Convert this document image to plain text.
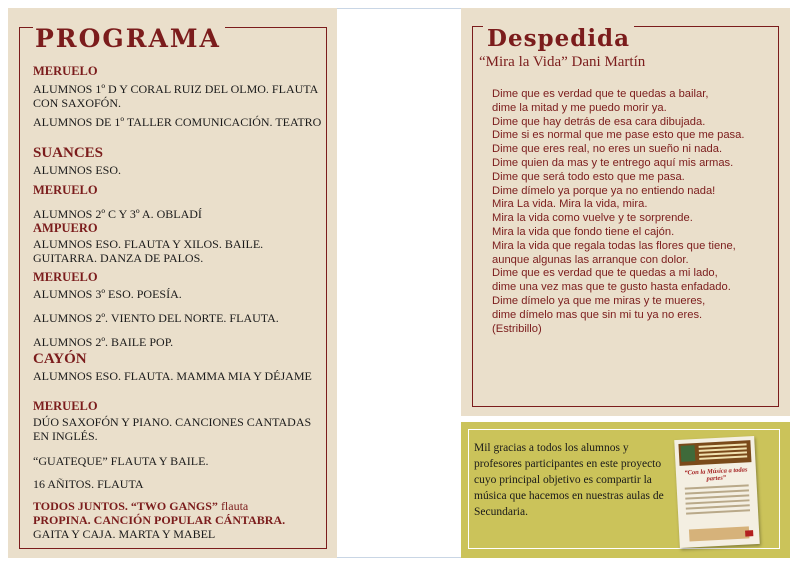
PROGRAMA
MERUELO
ALUMNOS 1º D Y CORAL RUIZ DEL OLMO. FLAUTA CON SAXOFÓN.
ALUMNOS DE 1º TALLER COMUNICACIÓN. TEATRO
SUANCES
ALUMNOS ESO.
MERUELO
ALUMNOS 2º C Y 3º A. OBLADÍ
AMPUERO
ALUMNOS ESO. FLAUTA Y XILOS. BAILE. GUITARRA. DANZA DE PALOS.
MERUELO
ALUMNOS 3º ESO. POESÍA.
ALUMNOS 2º. VIENTO DEL NORTE. FLAUTA.
ALUMNOS 2º. BAILE POP.
CAYÓN
ALUMNOS ESO. FLAUTA. MAMMA MIA Y DÉJAME
MERUELO
DÚO SAXOFÓN Y PIANO. CANCIONES CANTADAS EN INGLÉS.
“GUATEQUE” FLAUTA Y BAILE.
16 AÑITOS. FLAUTA
TODOS JUNTOS. “TWO GANGS” flauta
PROPINA. CANCIÓN POPULAR CÁNTABRA.
GAITA Y CAJA. MARTA Y MABEL
Despedida
“Mira la Vida” Dani Martín
Dime que es verdad que te quedas a bailar,
dime la mitad y me puedo morir ya.
Dime que hay detrás de esa cara dibujada.
Dime si es normal que me pase esto que me pasa.
Dime que eres real, no eres un sueño ni nada.
Dime quien da mas y te entrego aquí mis armas.
Dime que será todo esto que me pasa.
Dime dímelo ya porque ya no entiendo nada!
Mira La vida. Mira la vida, mira.
Mira la vida como vuelve y te sorprende.
Mira la vida que fondo tiene el cajón.
Mira la vida que regala todas las flores que tiene,
aunque algunas las arranque con dolor.
Dime que es verdad que te quedas a mi lado,
dime una vez mas que te gusto hasta enfadado.
Dime dímelo ya que me miras y te mueres,
dime dímelo mas que sin mi tu ya no eres.
(Estribillo)
Mil gracias a todos los alumnos y profesores participantes en este proyecto cuyo principal objetivo es compartir la música que hacemos en nuestras aulas de Secundaria.
“Con la Música a todas partes”
